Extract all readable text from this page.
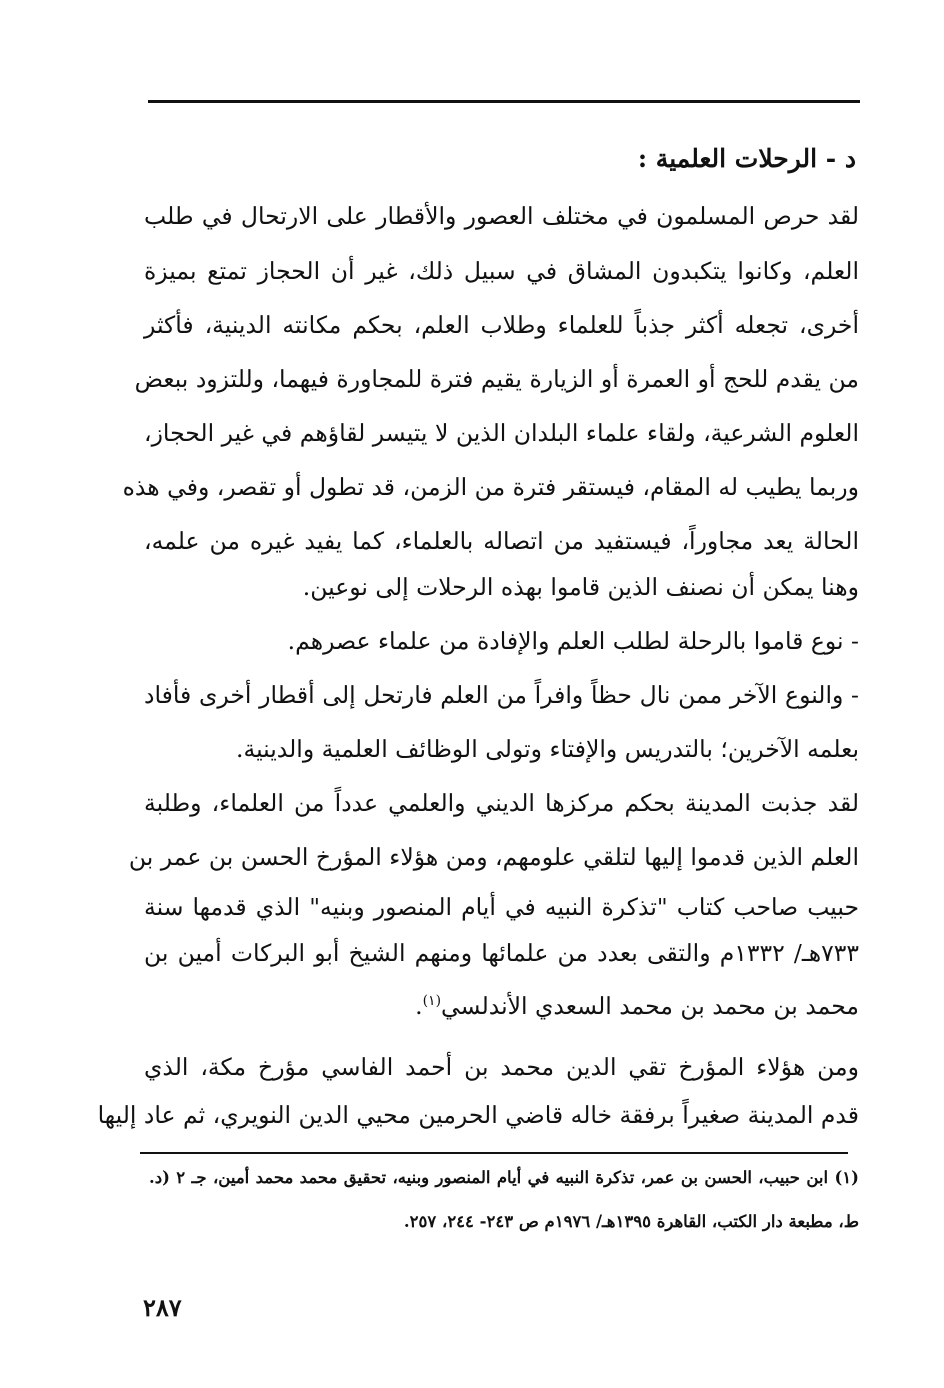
د - الرحلات العلمية :
لقد حرص المسلمون في مختلف العصور والأقطار على الارتحال في طلب
العلم، وكانوا يتكبدون المشاق في سبيل ذلك، غير أن الحجاز تمتع بميزة
أخرى، تجعله أكثر جذباً للعلماء وطلاب العلم، بحكم مكانته الدينية، فأكثر
من يقدم للحج أو العمرة أو الزيارة يقيم فترة للمجاورة فيهما، وللتزود ببعض
العلوم الشرعية، ولقاء علماء البلدان الذين لا يتيسر لقاؤهم في غير الحجاز،
وربما يطيب له المقام، فيستقر فترة من الزمن، قد تطول أو تقصر، وفي هذه
الحالة يعد مجاوراً، فيستفيد من اتصاله بالعلماء، كما يفيد غيره من علمه،
وهنا يمكن أن نصنف الذين قاموا بهذه الرحلات إلى نوعين.
- نوع قاموا بالرحلة لطلب العلم والإفادة من علماء عصرهم.
- والنوع الآخر ممن نال حظاً وافراً من العلم فارتحل إلى أقطار أخرى فأفاد
بعلمه الآخرين؛ بالتدريس والإفتاء وتولى الوظائف العلمية والدينية.
لقد جذبت المدينة بحكم مركزها الديني والعلمي عدداً من العلماء، وطلبة
العلم الذين قدموا إليها لتلقي علومهم، ومن هؤلاء المؤرخ الحسن بن عمر بن
حبيب صاحب كتاب "تذكرة النبيه في أيام المنصور وبنيه" الذي قدمها سنة
٧٣٣هـ/ ١٣٣٢م والتقى بعدد من علمائها ومنهم الشيخ أبو البركات أمين بن
محمد بن محمد بن محمد السعدي الأندلسي$^{(١)}$.
ومن هؤلاء المؤرخ تقي الدين محمد بن أحمد الفاسي مؤرخ مكة، الذي
قدم المدينة صغيراً برفقة خاله قاضي الحرمين محيي الدين النويري، ثم عاد إليها
(١) ابن حبيب، الحسن بن عمر، تذكرة النبيه في أيام المنصور وبنيه، تحقيق محمد محمد أمين، جـ ٢ (د.
ط، مطبعة دار الكتب، القاهرة ١٣٩٥هـ/ ١٩٧٦م ص ٢٤٣- ٢٤٤، ٢٥٧.
٢٨٧
